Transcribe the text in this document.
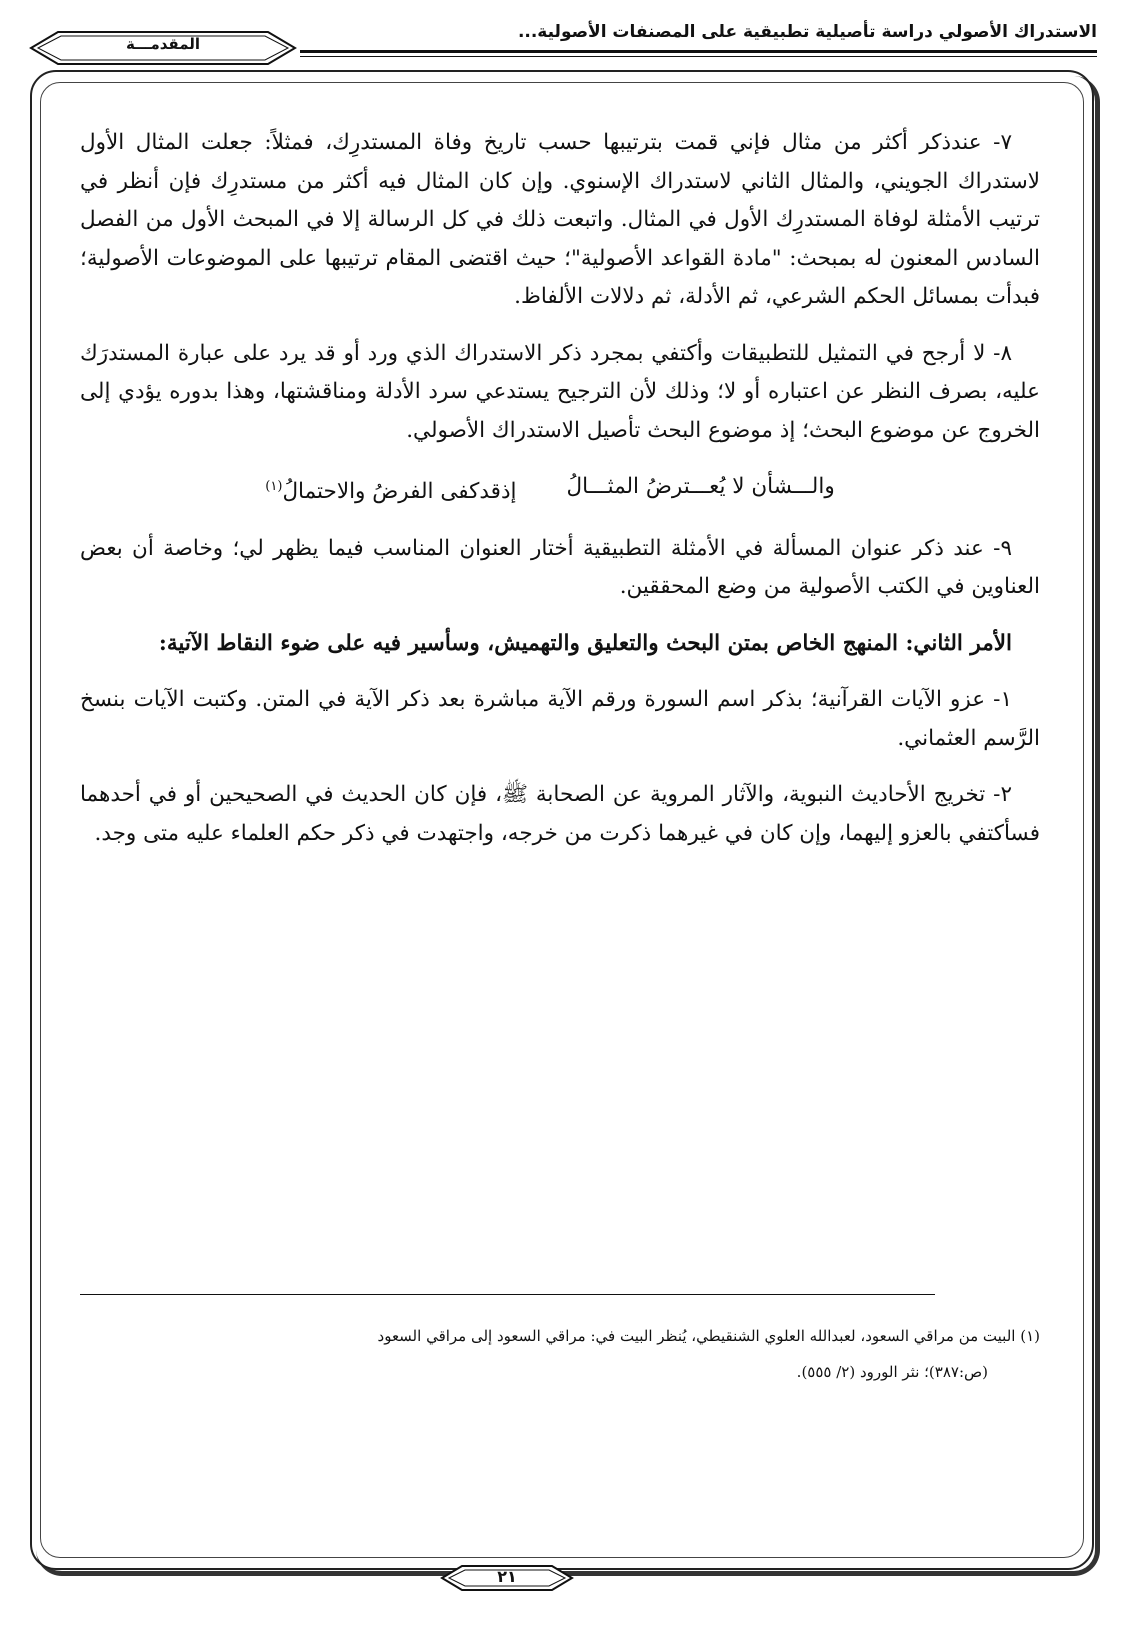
الاستدراك الأصولي دراسة تأصيلية تطبيقية على المصنفات الأصولية...
المقدمـــة

٧- عندذكر أكثر من مثال فإني قمت بترتيبها حسب تاريخ وفاة المستدرِك، فمثلاً: جعلت المثال الأول لاستدراك الجويني، والمثال الثاني لاستدراك الإسنوي. وإن كان المثال فيه أكثر من مستدرِك فإن أنظر في ترتيب الأمثلة لوفاة المستدرِك الأول في المثال. واتبعت ذلك في كل الرسالة إلا في المبحث الأول من الفصل السادس المعنون له بمبحث: "مادة القواعد الأصولية"؛ حيث اقتضى المقام ترتيبها على الموضوعات الأصولية؛ فبدأت بمسائل الحكم الشرعي، ثم الأدلة، ثم دلالات الألفاظ.

٨- لا أرجح في التمثيل للتطبيقات وأكتفي بمجرد ذكر الاستدراك الذي ورد أو قد يرد على عبارة المستدرَك عليه، بصرف النظر عن اعتباره أو لا؛ وذلك لأن الترجيح يستدعي سرد الأدلة ومناقشتها، وهذا بدوره يؤدي إلى الخروج عن موضوع البحث؛ إذ موضوع البحث تأصيل الاستدراك الأصولي.

والـــشأن لا يُعـــترضُ المثـــالُ
إذقدكفى الفرضُ والاحتمالُ$^{(١)}$

٩- عند ذكر عنوان المسألة في الأمثلة التطبيقية أختار العنوان المناسب فيما يظهر لي؛ وخاصة أن بعض العناوين في الكتب الأصولية من وضع المحققين.

الأمر الثاني: المنهج الخاص بمتن البحث والتعليق والتهميش، وسأسير فيه على ضوء النقاط الآتية:

١- عزو الآيات القرآنية؛ بذكر اسم السورة ورقم الآية مباشرة بعد ذكر الآية في المتن. وكتبت الآيات بنسخ الرَّسم العثماني.

٢- تخريج الأحاديث النبوية، والآثار المروية عن الصحابة ﷺ، فإن كان الحديث في الصحيحين أو في أحدهما فسأكتفي بالعزو إليهما، وإن كان في غيرهما ذكرت من خرجه، واجتهدت في ذكر حكم العلماء عليه متى وجد.

(١) البيت من مراقي السعود، لعبدالله العلوي الشنقيطي، يُنظر البيت في: مراقي السعود إلى مراقي السعود
(ص:٣٨٧)؛ نثر الورود (٢/ ٥٥٥).
٢١
